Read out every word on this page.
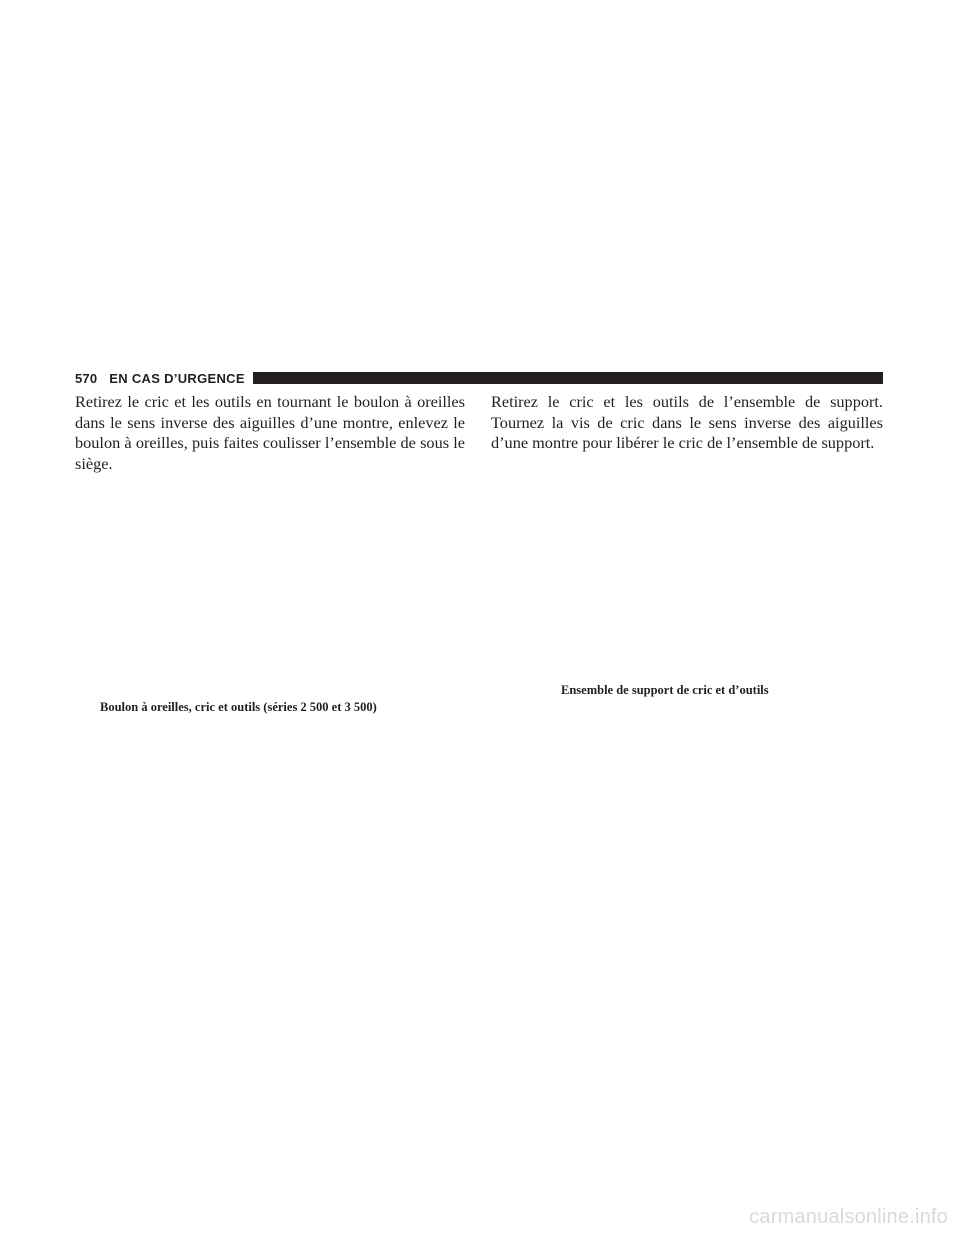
570 EN CAS D’URGENCE

Retirez le cric et les outils en tournant le boulon à oreilles dans le sens inverse des aiguilles d’une montre, enlevez le boulon à oreilles, puis faites coulisser l’ensemble de sous le siège.

Boulon à oreilles, cric et outils (séries 2 500 et 3 500)

Retirez le cric et les outils de l’ensemble de support. Tournez la vis de cric dans le sens inverse des aiguilles d’une montre pour libérer le cric de l’ensemble de support.

Ensemble de support de cric et d’outils
carmanualsonline.info
